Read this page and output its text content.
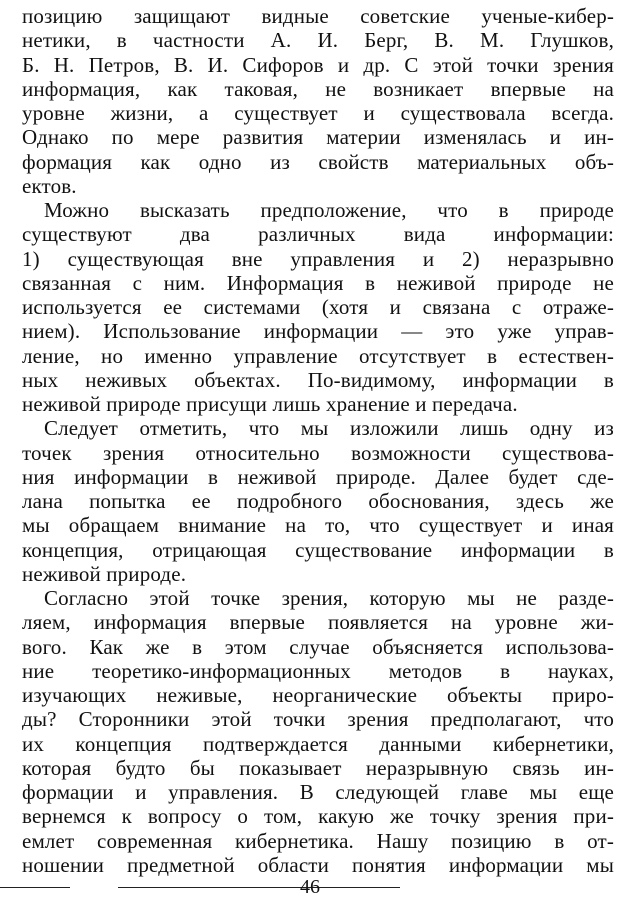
позицию защищают видные советские ученые-кибер-
нетики, в частности А. И. Берг, В. М. Глушков,
Б. Н. Петров, В. И. Сифоров и др. С этой точки зрения
информация, как таковая, не возникает впервые на
уровне жизни, а существует и существовала всегда.
Однако по мере развития материи изменялась и ин-
формация как одно из свойств материальных объ-
ектов.
Можно высказать предположение, что в природе
существуют два различных вида информации:
1) существующая вне управления и 2) неразрывно
связанная с ним. Информация в неживой природе не
используется ее системами (хотя и связана с отраже-
нием). Использование информации — это уже управ-
ление, но именно управление отсутствует в естествен-
ных неживых объектах. По-видимому, информации в
неживой природе присущи лишь хранение и передача.
Следует отметить, что мы изложили лишь одну из
точек зрения относительно возможности существова-
ния информации в неживой природе. Далее будет сде-
лана попытка ее подробного обоснования, здесь же
мы обращаем внимание на то, что существует и иная
концепция, отрицающая существование информации в
неживой природе.
Согласно этой точке зрения, которую мы не разде-
ляем, информация впервые появляется на уровне жи-
вого. Как же в этом случае объясняется использова-
ние теоретико-информационных методов в науках,
изучающих неживые, неорганические объекты приро-
ды? Сторонники этой точки зрения предполагают, что
их концепция подтверждается данными кибернетики,
которая будто бы показывает неразрывную связь ин-
формации и управления. В следующей главе мы еще
вернемся к вопросу о том, какую же точку зрения при-
емлет современная кибернетика. Нашу позицию в от-
ношении предметной области понятия информации мы
46
